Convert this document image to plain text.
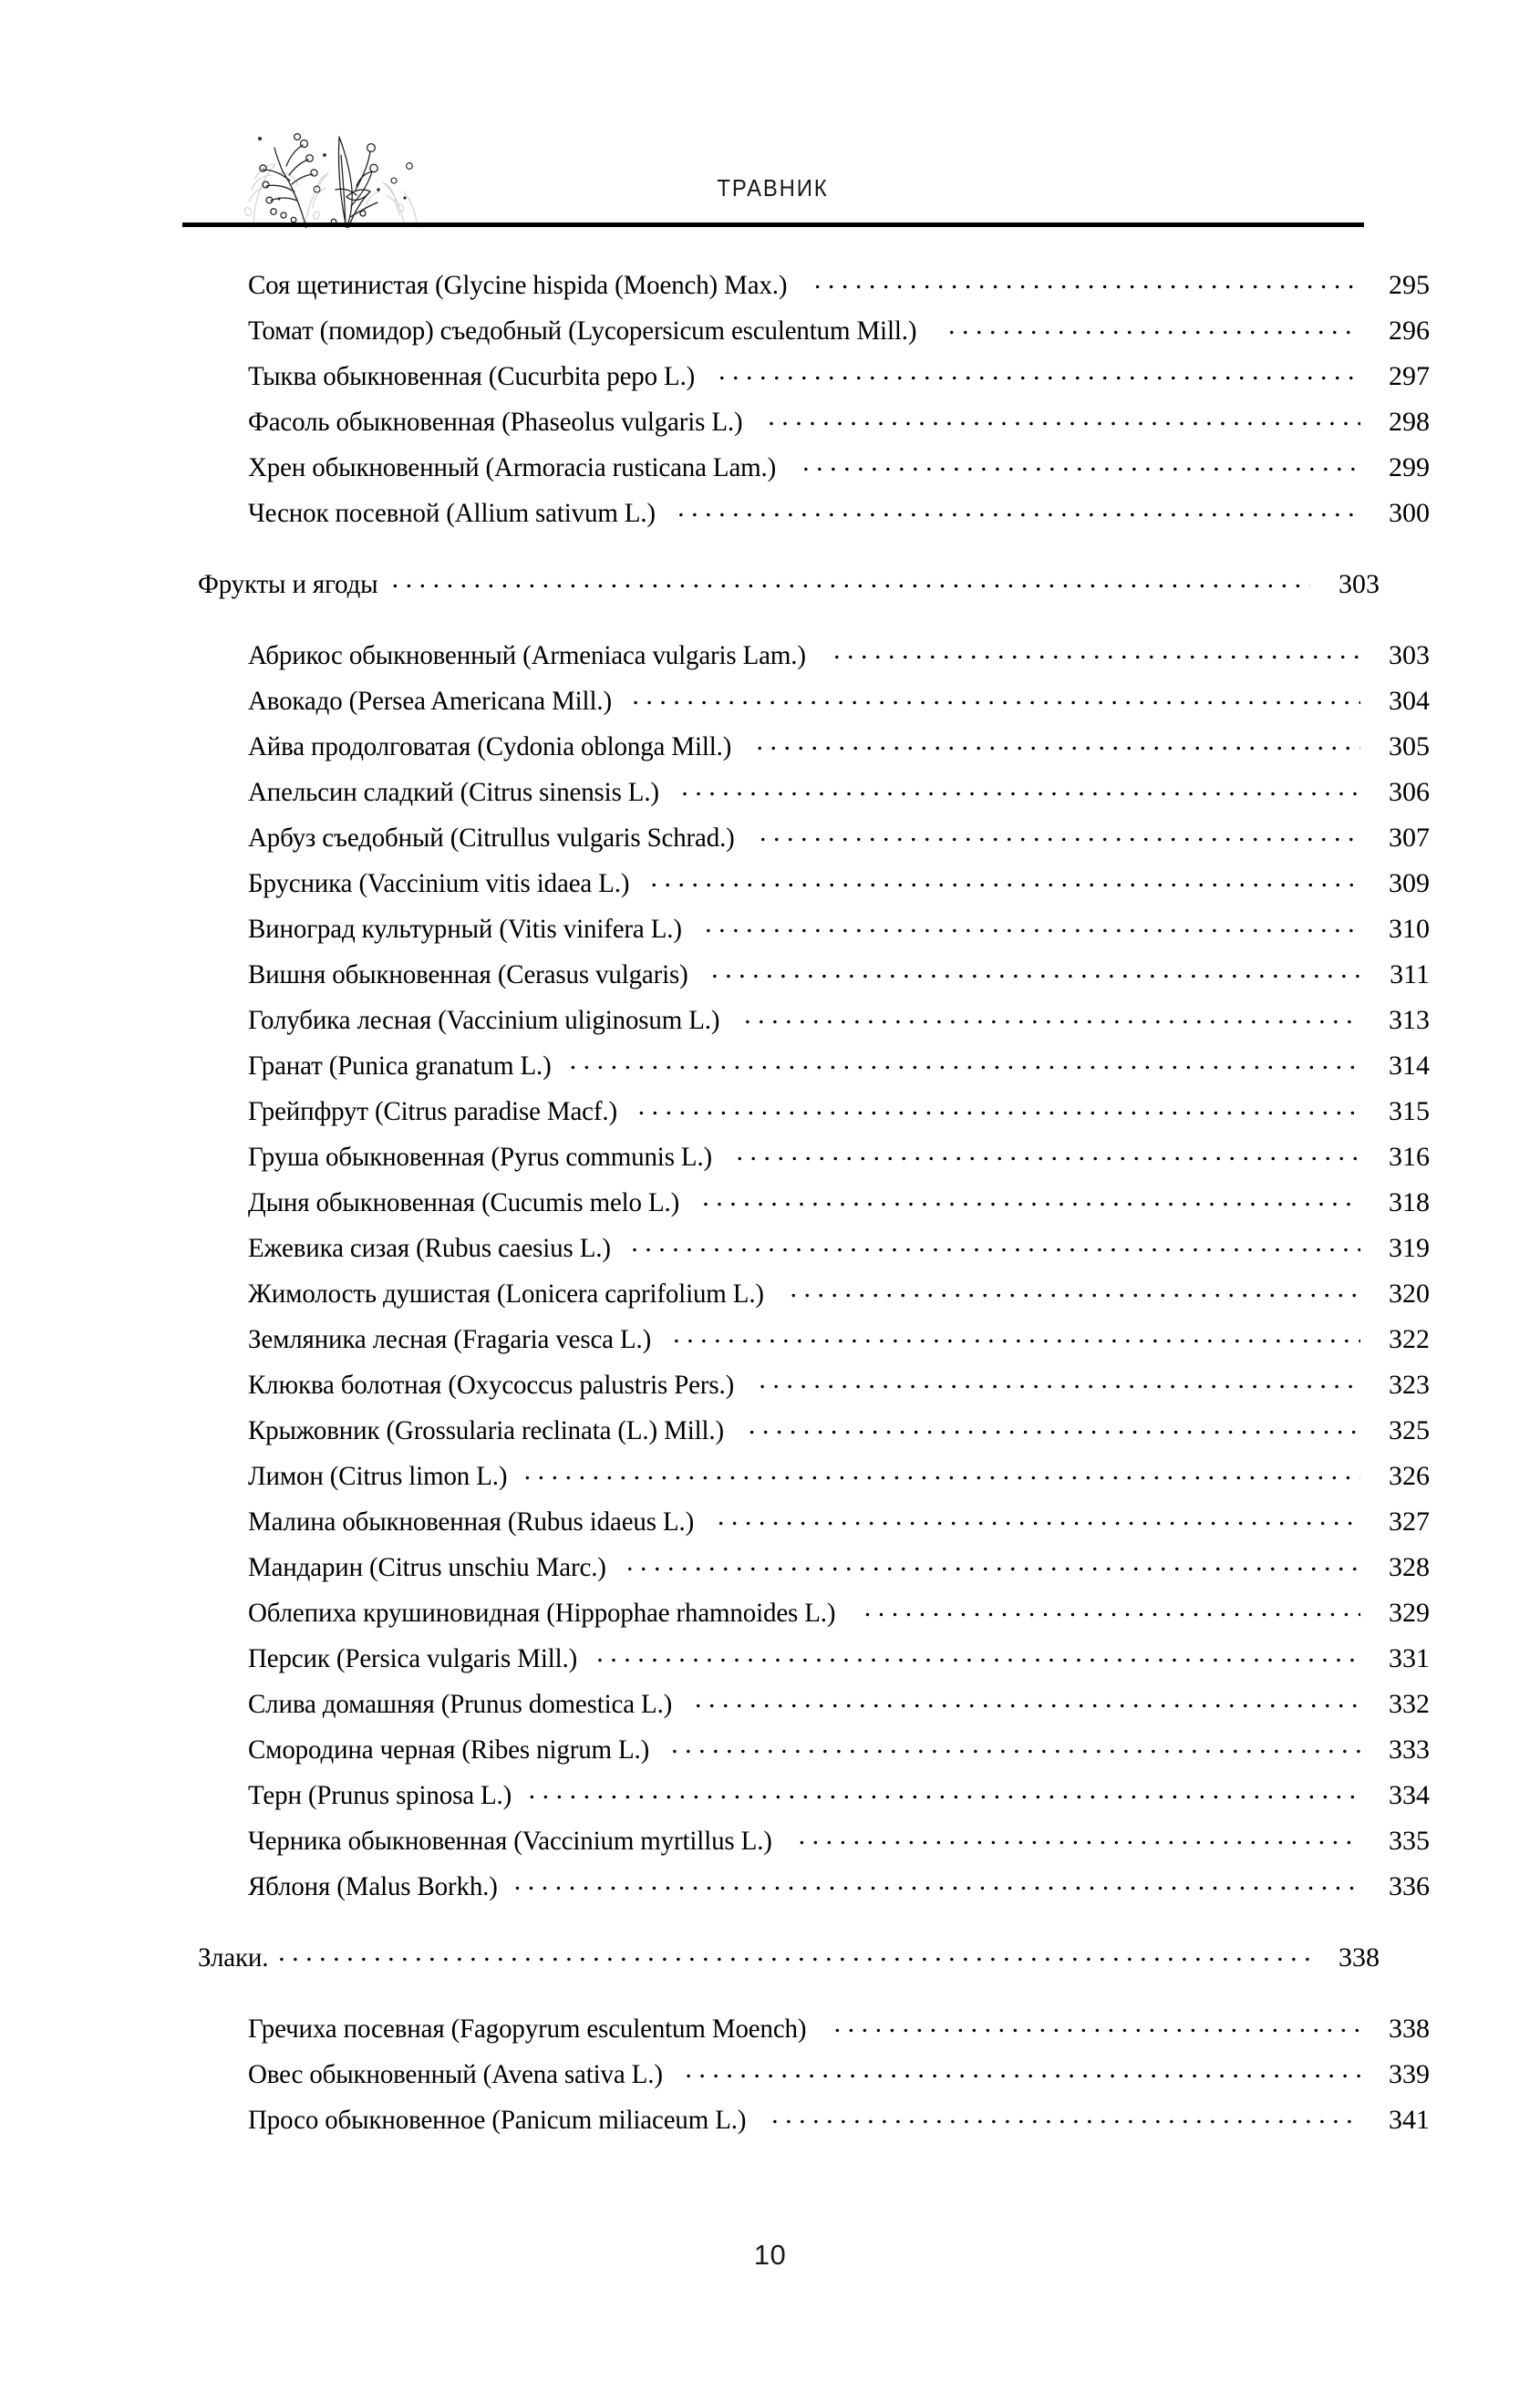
ТРАВНИК
Соя щетинистая (Glycine hispida (Moench) Max.) . . .	295
Томат (помидор) съедобный (Lycopersicum esculentum Mill.) . . .	296
Тыква обыкновенная (Cucurbita pepo L.) . . .	297
Фасоль обыкновенная (Phaseolus vulgaris L.) . . .	298
Хрен обыкновенный (Armoracia rusticana Lam.) . . .	299
Чеснок посевной (Allium sativum L.) . . .	300
Фрукты и ягоды . . .	303
Абрикос обыкновенный (Armeniaca vulgaris Lam.) . . .	303
Авокадо (Persea Americana Mill.) . . .	304
Айва продолговатая (Cydonia oblonga Mill.) . . .	305
Апельсин сладкий (Citrus sinensis L.) . . .	306
Арбуз съедобный (Citrullus vulgaris Schrad.) . . .	307
Брусника (Vaccinium vitis idaea L.) . . .	309
Виноград культурный (Vitis vinifera L.) . . .	310
Вишня обыкновенная (Cerasus vulgaris) . . .	311
Голубика лесная (Vaccinium uliginosum L.) . . .	313
Гранат (Punica granatum L.) . . .	314
Грейпфрут (Citrus paradise Macf.) . . .	315
Груша обыкновенная (Pyrus communis L.) . . .	316
Дыня обыкновенная (Cucumis melo L.) . . .	318
Ежевика сизая (Rubus caesius L.) . . .	319
Жимолость душистая (Lonicera caprifolium L.) . . .	320
Земляника лесная (Fragaria vesca L.) . . .	322
Клюква болотная (Oxycoccus palustris Pers.) . . .	323
Крыжовник (Grossularia reclinata (L.) Mill.) . . .	325
Лимон (Citrus limon L.) . . .	326
Малина обыкновенная (Rubus idaeus L.) . . .	327
Мандарин (Citrus unschiu Marc.) . . .	328
Облепиха крушиновидная (Hippophae rhamnoides L.) . . .	329
Персик (Persica vulgaris Mill.) . . .	331
Слива домашняя (Prunus domestica L.) . . .	332
Смородина черная (Ribes nigrum L.) . . .	333
Терн (Prunus spinosa L.) . . .	334
Черника обыкновенная (Vaccinium myrtillus L.) . . .	335
Яблоня (Malus Borkh.) . . .	336
Злаки. . . .	338
Гречиха посевная (Fagopyrum esculentum Moench) . . .	338
Овес обыкновенный (Avena sativa L.) . . .	339
Просо обыкновенное (Panicum miliaceum L.) . . .	341
10
